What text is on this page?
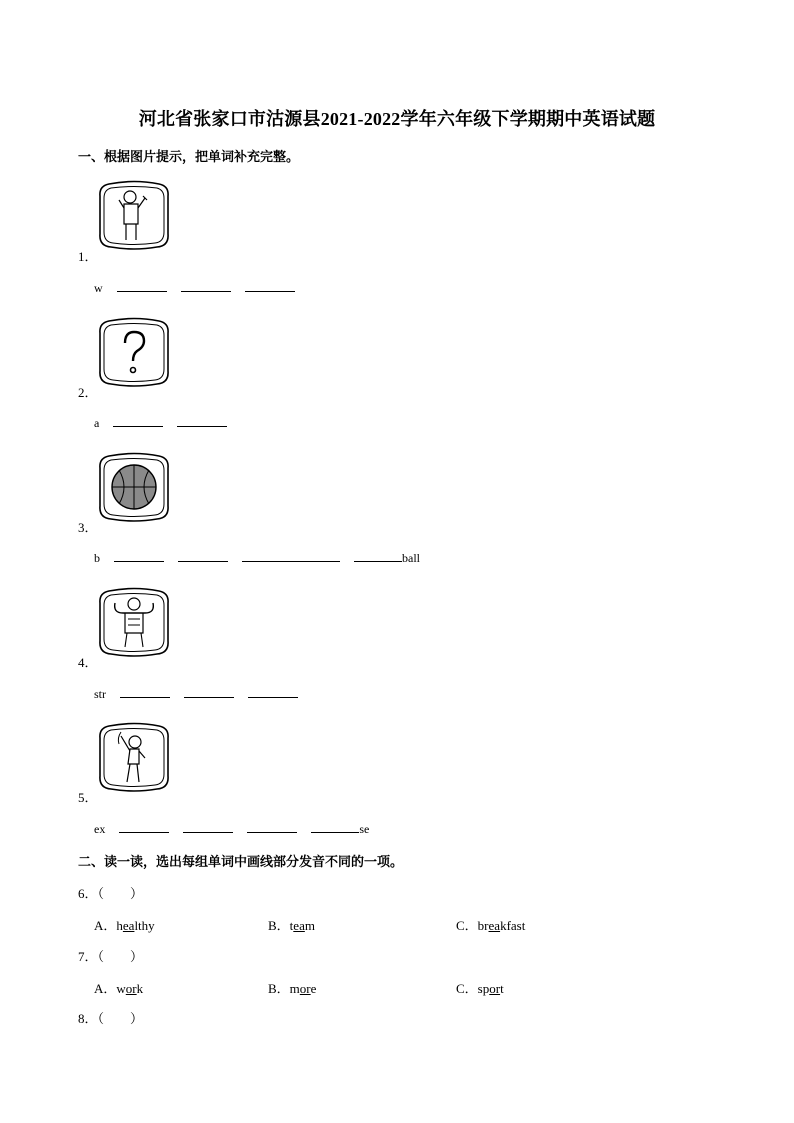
河北省张家口市沽源县2021-2022学年六年级下学期期中英语试题
一、根据图片提示，把单词补充完整。
1．
w
2．
a
3．
b	ball
4．
str
5．
ex	se
二、读一读，选出每组单词中画线部分发音不同的一项。
6．（　　）
A．healthy	B．team	C．breakfast
7．（　　）
A．work	B．more	C．sport
8．（　　）
